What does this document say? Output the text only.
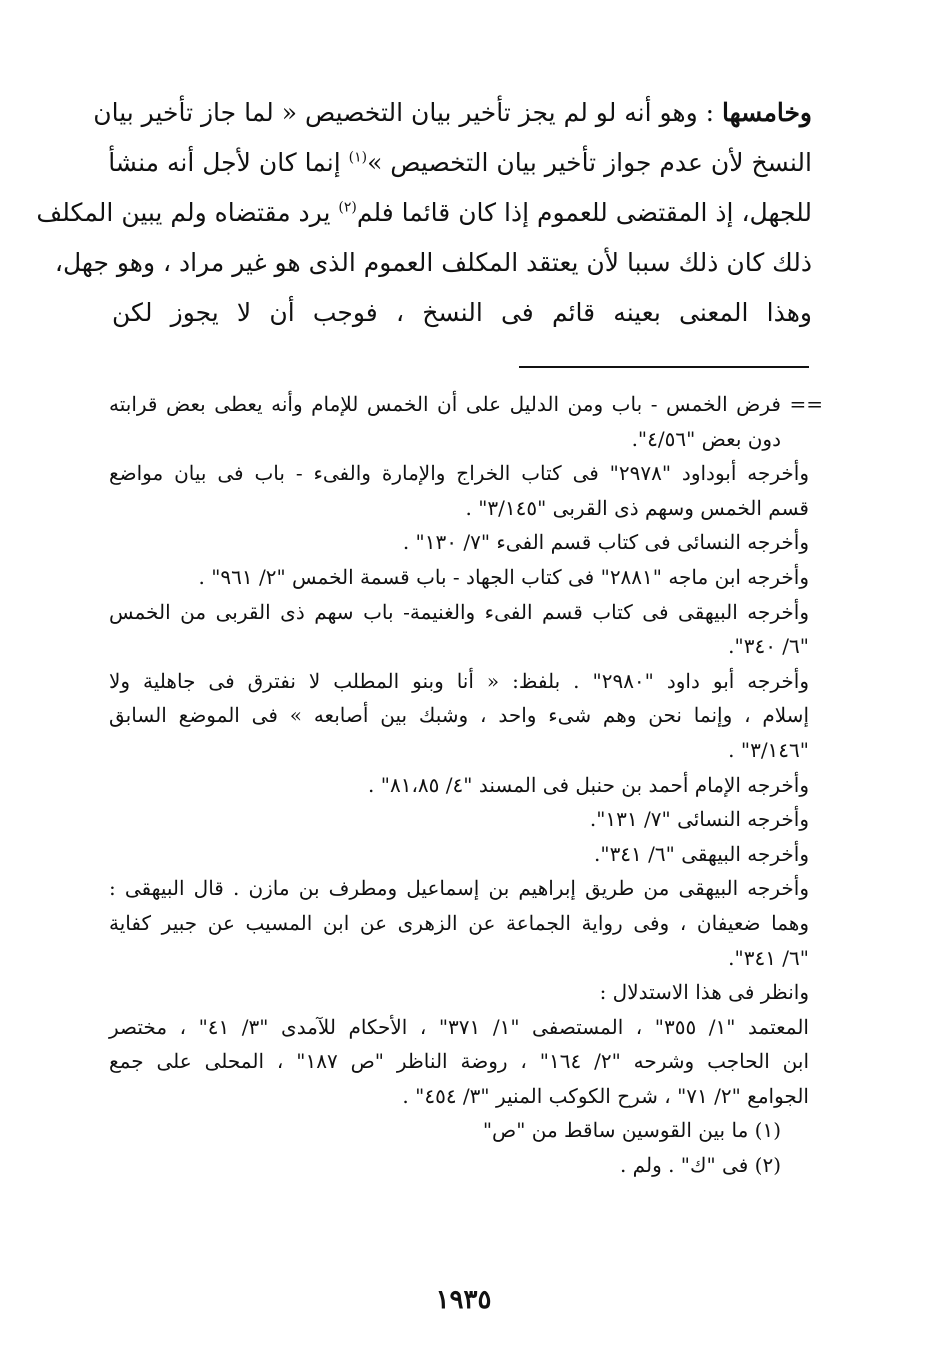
وخامسها : وهو أنه لو لم يجز تأخير بيان التخصيص « لما جاز تأخير بيان
النسخ لأن عدم جواز تأخير بيان التخصيص »$^{(١)}$ إنما كان لأجل أنه منشأ
للجهل، إذ المقتضى للعموم إذا كان قائما فلم$^{(٢)}$ يرد مقتضاه ولم يبين المكلف
ذلك كان ذلك سببا لأن يعتقد المكلف العموم الذى هو غير مراد ، وهو جهل،
وهذا المعنى بعينه قائم فى النسخ ، فوجب أن لا يجوز لكن
== فرض الخمس - باب ومن الدليل على أن الخمس للإمام وأنه يعطى بعض قرابته
دون بعض "٤/٥٦".
وأخرجه أبوداود "٢٩٧٨" فى كتاب الخراج والإمارة والفىء - باب فى بيان مواضع
قسم الخمس وسهم ذى القربى "٣/١٤٥" .
وأخرجه النسائى فى كتاب قسم الفىء "٧/ ١٣٠" .
وأخرجه ابن ماجه "٢٨٨١" فى كتاب الجهاد - باب قسمة الخمس "٢/ ٩٦١" .
وأخرجه البيهقى فى كتاب قسم الفىء والغنيمة- باب سهم ذى القربى من الخمس
"٦/ ٣٤٠".
وأخرجه أبو داود "٢٩٨٠" . بلفظ: « أنا وبنو المطلب لا نفترق فى جاهلية ولا
إسلام ، وإنما نحن وهم شىء واحد ، وشبك بين أصابعه » فى الموضع السابق
"٣/١٤٦" .
وأخرجه الإمام أحمد بن حنبل فى المسند "٤/ ٨١،٨٥" .
وأخرجه النسائى "٧/ ١٣١".
وأخرجه البيهقى "٦/ ٣٤١".
وأخرجه البيهقى من طريق إبراهيم بن إسماعيل ومطرف بن مازن . قال البيهقى :
وهما ضعيفان ، وفى رواية الجماعة عن الزهرى عن ابن المسيب عن جبير كفاية
"٦/ ٣٤١".
وانظر فى هذا الاستدلال :
المعتمد "١/ ٣٥٥" ، المستصفى "١/ ٣٧١" ، الأحكام للآمدى "٣/ ٤١" ، مختصر
ابن الحاجب وشرحه "٢/ ١٦٤" ، روضة الناظر "ص ١٨٧" ، المحلى على جمع
الجوامع "٢/ ٧١" ، شرح الكوكب المنير "٣/ ٤٥٤" .
(١) ما بين القوسين ساقط من "ص"
(٢) فى "ك" . ولم .
١٩٣٥
